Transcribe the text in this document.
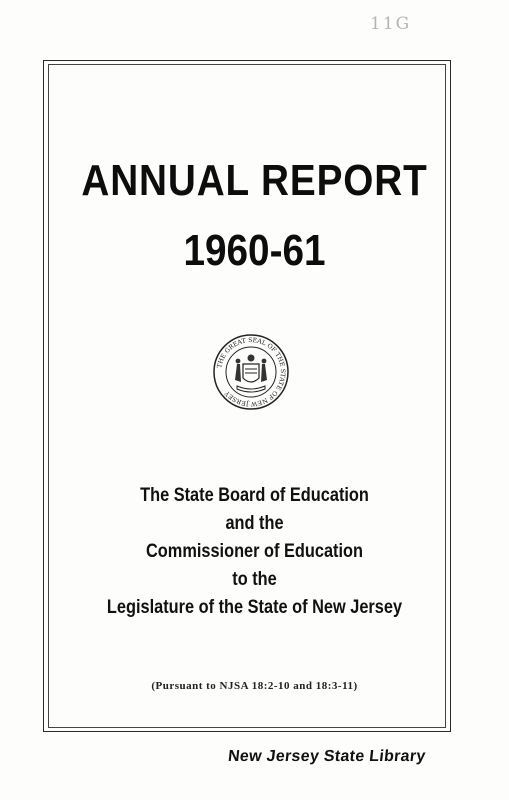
11G
ANNUAL REPORT
1960-61
THE GREAT SEAL OF THE STATE OF NEW JERSEY
The State Board of Education
and the
Commissioner of Education
to the
Legislature of the State of New Jersey
(Pursuant to NJSA 18:2-10 and 18:3-11)
New Jersey State Library
